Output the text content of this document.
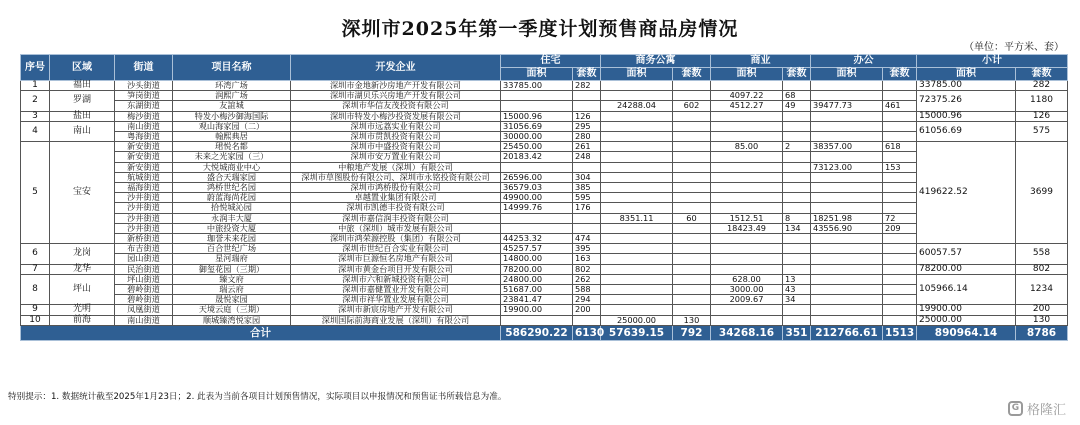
深圳市2025年第一季度计划预售商品房情况
（单位：平方米、套）
序号	区域	街道	项目名称	开发企业	住宅		商务公寓		商业		办公		小计	
					面积	套数	面积	套数	面积	套数	面积	套数	面积	套数
1	福田	沙头街道	环湾广场	深圳市金地新沙房地产开发有限公司	33785.00	282							33785.00	282
2	罗湖	笋岗街道	润熙广场	深圳市湖贝乐兴房地产开发有限公司					4097.22	68			72375.26	1180
		东湖街道	友誼城	深圳市华信友茂投资有限公司			24288.04	602	4512.27	49	39477.73	461		
3	盐田	梅沙街道	特发小梅沙御海国际	深圳市特发小梅沙投资发展有限公司	15000.96	126							15000.96	126
4	南山	南山街道	观山海家园（二）	深圳市远荔实业有限公司	31056.69	295							61056.69	575
		粤海街道	翰熙典居	深圳市贯凯投资有限公司	30000.00	280								
5	宝安	新安街道	珺悦名都	深圳市中盛投资有限公司	25450.00	261			85.00	2	38357.00	618	419622.52	3699
		新安街道	未来之光家园（三）	深圳市安万置业有限公司	20183.42	248								
		新安街道	大悦城商业中心	中粮地产发展（深圳）有限公司							73123.00	153		
		航城街道	盛合天瑞家园	深圳市草图股份有限公司、深圳市永铭投资有限公司	26596.00	304								
		福海街道	鸿桥世纪名园	深圳市鸿桥股份有限公司	36579.03	385								
		沙井街道	蔚蓝海尚花园	卓越置业集团有限公司	49900.00	595								
		沙井街道	拾悦城沁园	深圳市凯德丰投资有限公司	14999.76	176								
		沙井街道	永润丰大厦	深圳市嘉信润丰投资有限公司			8351.11	60	1512.51	8	18251.98	72		
		沙井街道	中旅投资大厦	中旅（深圳）城市发展有限公司					18423.49	134	43556.90	209		
		新桥街道	珈誉未来花园	深圳市鸿荣源控股（集团）有限公司	44253.32	474								
6	龙岗	布吉街道	百合世纪广场	深圳市世纪百合实业有限公司	45257.57	395							60057.57	558
		园山街道	星河瑞府	深圳市巨源恒名房地产有限公司	14800.00	163								
7	龙华	民治街道	御玺花园（三期）	深圳市黄金台项目开发有限公司	78200.00	802							78200.00	802
8	坪山	坪山街道	臻文府	深圳市六和新城投资有限公司	24800.00	262			628.00	13			105966.14	1234
		碧岭街道	瑞云府	深圳市嘉健置业开发有限公司	51687.00	588			3000.00	43				
		碧岭街道	晟悦家园	深圳市祥华置业发展有限公司	23841.47	294			2009.67	34				
9	光明	凤凰街道	天境云庭（三期）	深圳市新宸房地产开发有限公司	19900.00	200							19900.00	200
10	前海	南山街道	顺城臻湾悦家园	深圳国际前海商业发展（深圳）有限公司			25000.00	130					25000.00	130
合计					586290.22	6130	57639.15	792	34268.16	351	212766.61	1513	890964.14	8786
特别提示：1. 数据统计截至2025年1月23日；2. 此表为当前各项目计划预售情况，实际项目以申报情况和预售证书所载信息为准。
G 格隆汇
